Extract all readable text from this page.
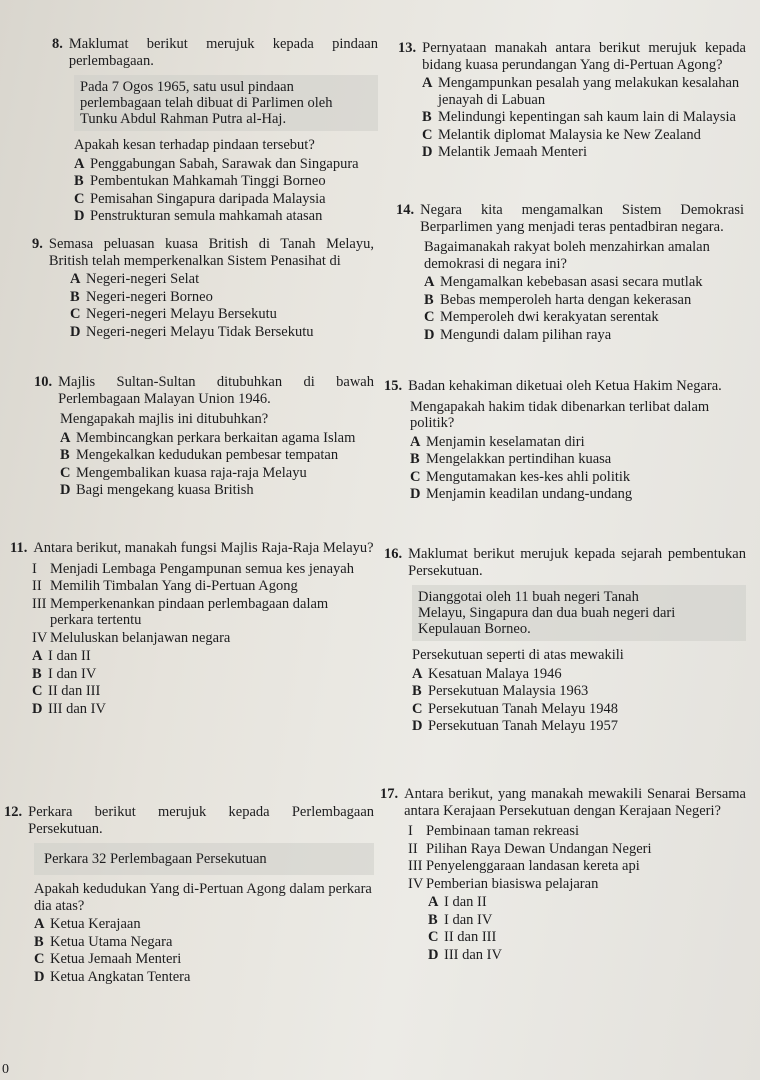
8. Maklumat berikut merujuk kepada pindaan perlembagaan.
Pada 7 Ogos 1965, satu usul pindaan
perlembagaan telah dibuat di Parlimen oleh
Tunku Abdul Rahman Putra al-Haj.
Apakah kesan terhadap pindaan tersebut?
A Penggabungan Sabah, Sarawak dan Singapura
B Pembentukan Mahkamah Tinggi Borneo
C Pemisahan Singapura daripada Malaysia
D Penstrukturan semula mahkamah atasan
9. Semasa peluasan kuasa British di Tanah Melayu, British telah memperkenalkan Sistem Penasihat di
A Negeri-negeri Selat
B Negeri-negeri Borneo
C Negeri-negeri Melayu Bersekutu
D Negeri-negeri Melayu Tidak Bersekutu
10. Majlis Sultan-Sultan ditubuhkan di bawah Perlembagaan Malayan Union 1946.
Mengapakah majlis ini ditubuhkan?
A Membincangkan perkara berkaitan agama Islam
B Mengekalkan kedudukan pembesar tempatan
C Mengembalikan kuasa raja-raja Melayu
D Bagi mengekang kuasa British
11. Antara berikut, manakah fungsi Majlis Raja-Raja Melayu?
I Menjadi Lembaga Pengampunan semua kes jenayah
II Memilih Timbalan Yang di-Pertuan Agong
III Memperkenankan pindaan perlembagaan dalam perkara tertentu
IV Meluluskan belanjawan negara
A I dan II
B I dan IV
C II dan III
D III dan IV
12. Perkara berikut merujuk kepada Perlembagaan Persekutuan.
Perkara 32 Perlembagaan Persekutuan
Apakah kedudukan Yang di-Pertuan Agong dalam perkara dia atas?
A Ketua Kerajaan
B Ketua Utama Negara
C Ketua Jemaah Menteri
D Ketua Angkatan Tentera
13. Pernyataan manakah antara berikut merujuk kepada bidang kuasa perundangan Yang di-Pertuan Agong?
A Mengampunkan pesalah yang melakukan kesalahan jenayah di Labuan
B Melindungi kepentingan sah kaum lain di Malaysia
C Melantik diplomat Malaysia ke New Zealand
D Melantik Jemaah Menteri
14. Negara kita mengamalkan Sistem Demokrasi Berparlimen yang menjadi teras pentadbiran negara.
Bagaimanakah rakyat boleh menzahirkan amalan demokrasi di negara ini?
A Mengamalkan kebebasan asasi secara mutlak
B Bebas memperoleh harta dengan kekerasan
C Memperoleh dwi kerakyatan serentak
D Mengundi dalam pilihan raya
15. Badan kehakiman diketuai oleh Ketua Hakim Negara.
Mengapakah hakim tidak dibenarkan terlibat dalam politik?
A Menjamin keselamatan diri
B Mengelakkan pertindihan kuasa
C Mengutamakan kes-kes ahli politik
D Menjamin keadilan undang-undang
16. Maklumat berikut merujuk kepada sejarah pembentukan Persekutuan.
Dianggotai oleh 11 buah negeri Tanah
Melayu, Singapura dan dua buah negeri dari
Kepulauan Borneo.
Persekutuan seperti di atas mewakili
A Kesatuan Malaya 1946
B Persekutuan Malaysia 1963
C Persekutuan Tanah Melayu 1948
D Persekutuan Tanah Melayu 1957
17. Antara berikut, yang manakah mewakili Senarai Bersama antara Kerajaan Persekutuan dengan Kerajaan Negeri?
I Pembinaan taman rekreasi
II Pilihan Raya Dewan Undangan Negeri
III Penyelenggaraan landasan kereta api
IV Pemberian biasiswa pelajaran
A I dan II
B I dan IV
C II dan III
D III dan IV
0
